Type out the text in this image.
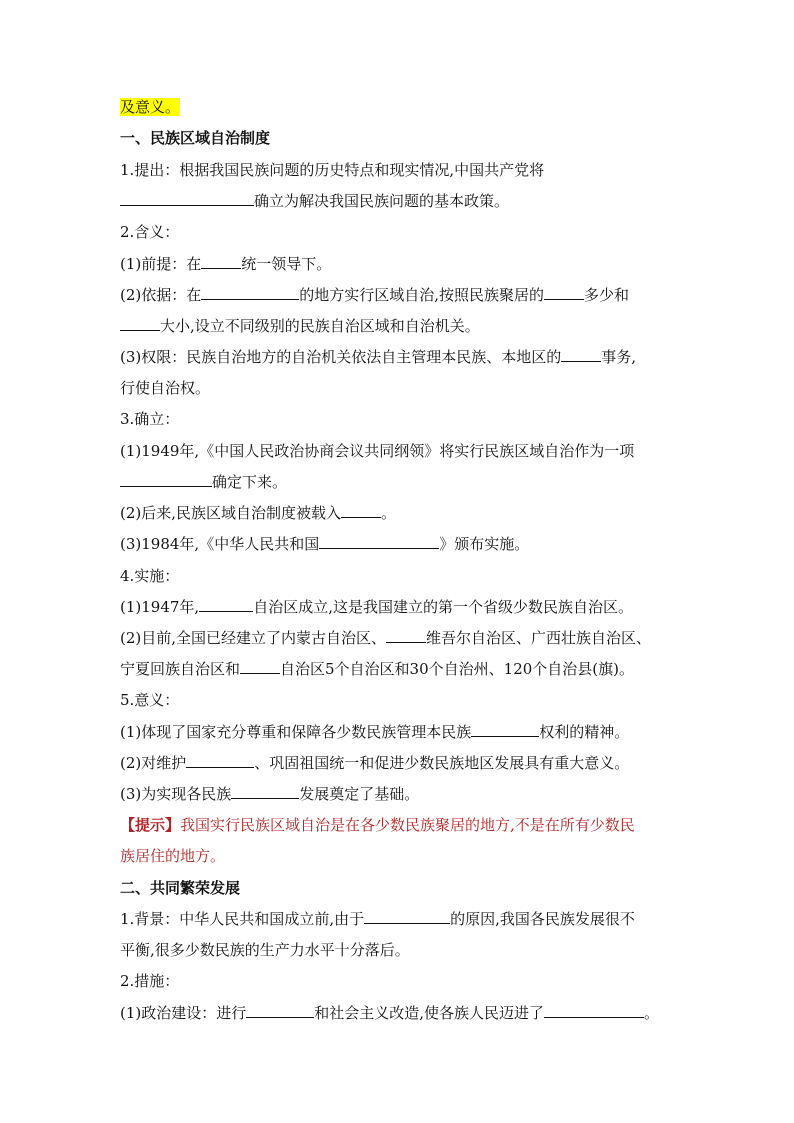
及意义。
一、民族区域自治制度
1.提出：根据我国民族问题的历史特点和现实情况,中国共产党将
确立为解决我国民族问题的基本政策。
2.含义：
(1)前提：在	统一领导下。
(2)依据：在	的地方实行区域自治,按照民族聚居的	多少和
大小,设立不同级别的民族自治区域和自治机关。
(3)权限：民族自治地方的自治机关依法自主管理本民族、本地区的	事务,
行使自治权。
3.确立：
(1)1949年,《中国人民政治协商会议共同纲领》将实行民族区域自治作为一项
确定下来。
(2)后来,民族区域自治制度被载入	。
(3)1984年,《中华人民共和国	》颁布实施。
4.实施：
(1)1947年,	自治区成立,这是我国建立的第一个省级少数民族自治区。
(2)目前,全国已经建立了内蒙古自治区、	维吾尔自治区、广西壮族自治区、
宁夏回族自治区和	自治区5个自治区和30个自治州、120个自治县(旗)。
5.意义：
(1)体现了国家充分尊重和保障各少数民族管理本民族	权利的精神。
(2)对维护	、巩固祖国统一和促进少数民族地区发展具有重大意义。
(3)为实现各民族	发展奠定了基础。
【提示】我国实行民族区域自治是在各少数民族聚居的地方,不是在所有少数民
族居住的地方。
二、共同繁荣发展
1.背景：中华人民共和国成立前,由于	的原因,我国各民族发展很不
平衡,很多少数民族的生产力水平十分落后。
2.措施：
(1)政治建设：进行	和社会主义改造,使各族人民迈进了	。
